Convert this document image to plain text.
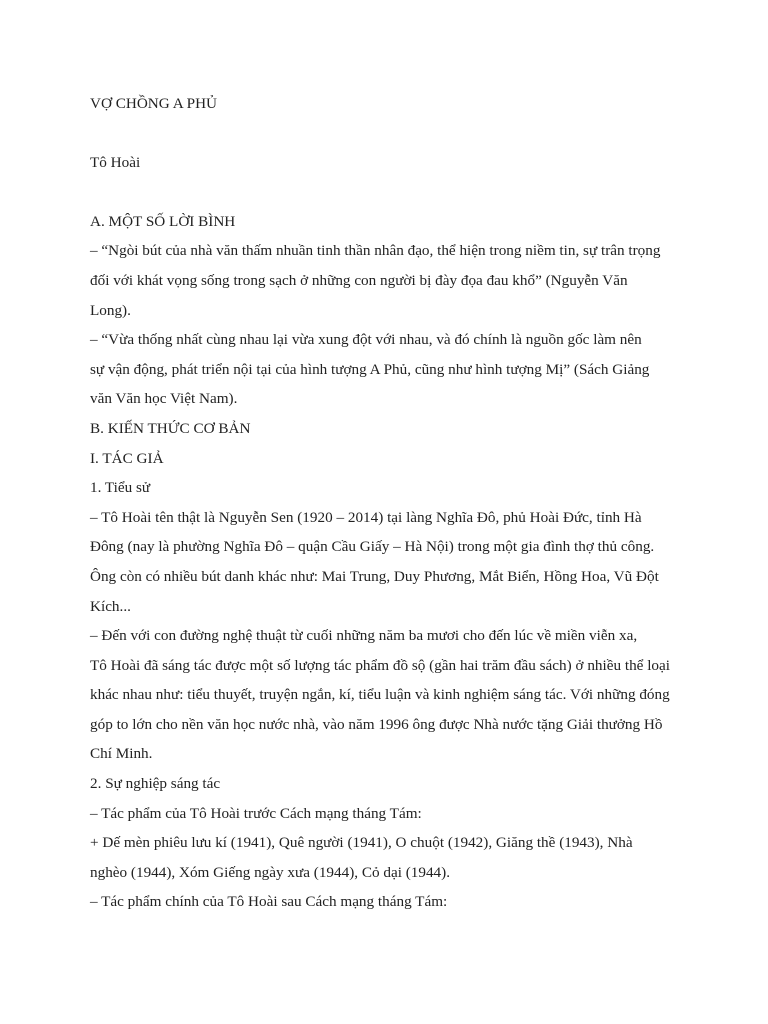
VỢ CHỒNG A PHỦ
Tô Hoài
A. MỘT SỐ LỜI BÌNH
– “Ngòi bút của nhà văn thấm nhuần tinh thần nhân đạo, thể hiện trong niềm tin, sự trân trọng
đối với khát vọng sống trong sạch ở những con người bị đày đọa đau khổ” (Nguyễn Văn
Long).
– “Vừa thống nhất cùng nhau lại vừa xung đột với nhau, và đó chính là nguồn gốc làm nên
sự vận động, phát triển nội tại của hình tượng A Phủ, cũng như hình tượng Mị” (Sách Giảng
văn Văn học Việt Nam).
B. KIẾN THỨC CƠ BẢN
I. TÁC GIẢ
1. Tiểu sử
– Tô Hoài tên thật là Nguyễn Sen (1920 – 2014) tại làng Nghĩa Đô, phủ Hoài Đức, tỉnh Hà
Đông (nay là phường Nghĩa Đô – quận Cầu Giấy – Hà Nội) trong một gia đình thợ thủ công.
Ông còn có nhiều bút danh khác như: Mai Trung, Duy Phương, Mắt Biển, Hồng Hoa, Vũ Đột
Kích...
– Đến với con đường nghệ thuật từ cuối những năm ba mươi cho đến lúc về miền viễn xa,
Tô Hoài đã sáng tác được một số lượng tác phẩm đồ sộ (gần hai trăm đầu sách) ở nhiều thể loại
khác nhau như: tiểu thuyết, truyện ngắn, kí, tiểu luận và kinh nghiệm sáng tác. Với những đóng
góp to lớn cho nền văn học nước nhà, vào năm 1996 ông được Nhà nước tặng Giải thưởng Hồ
Chí Minh.
2. Sự nghiệp sáng tác
– Tác phẩm của Tô Hoài trước Cách mạng tháng Tám:
+ Dế mèn phiêu lưu kí (1941), Quê người (1941), O chuột (1942), Giăng thề (1943), Nhà
nghèo (1944), Xóm Giếng ngày xưa (1944), Cỏ dại (1944).
– Tác phẩm chính của Tô Hoài sau Cách mạng tháng Tám:
